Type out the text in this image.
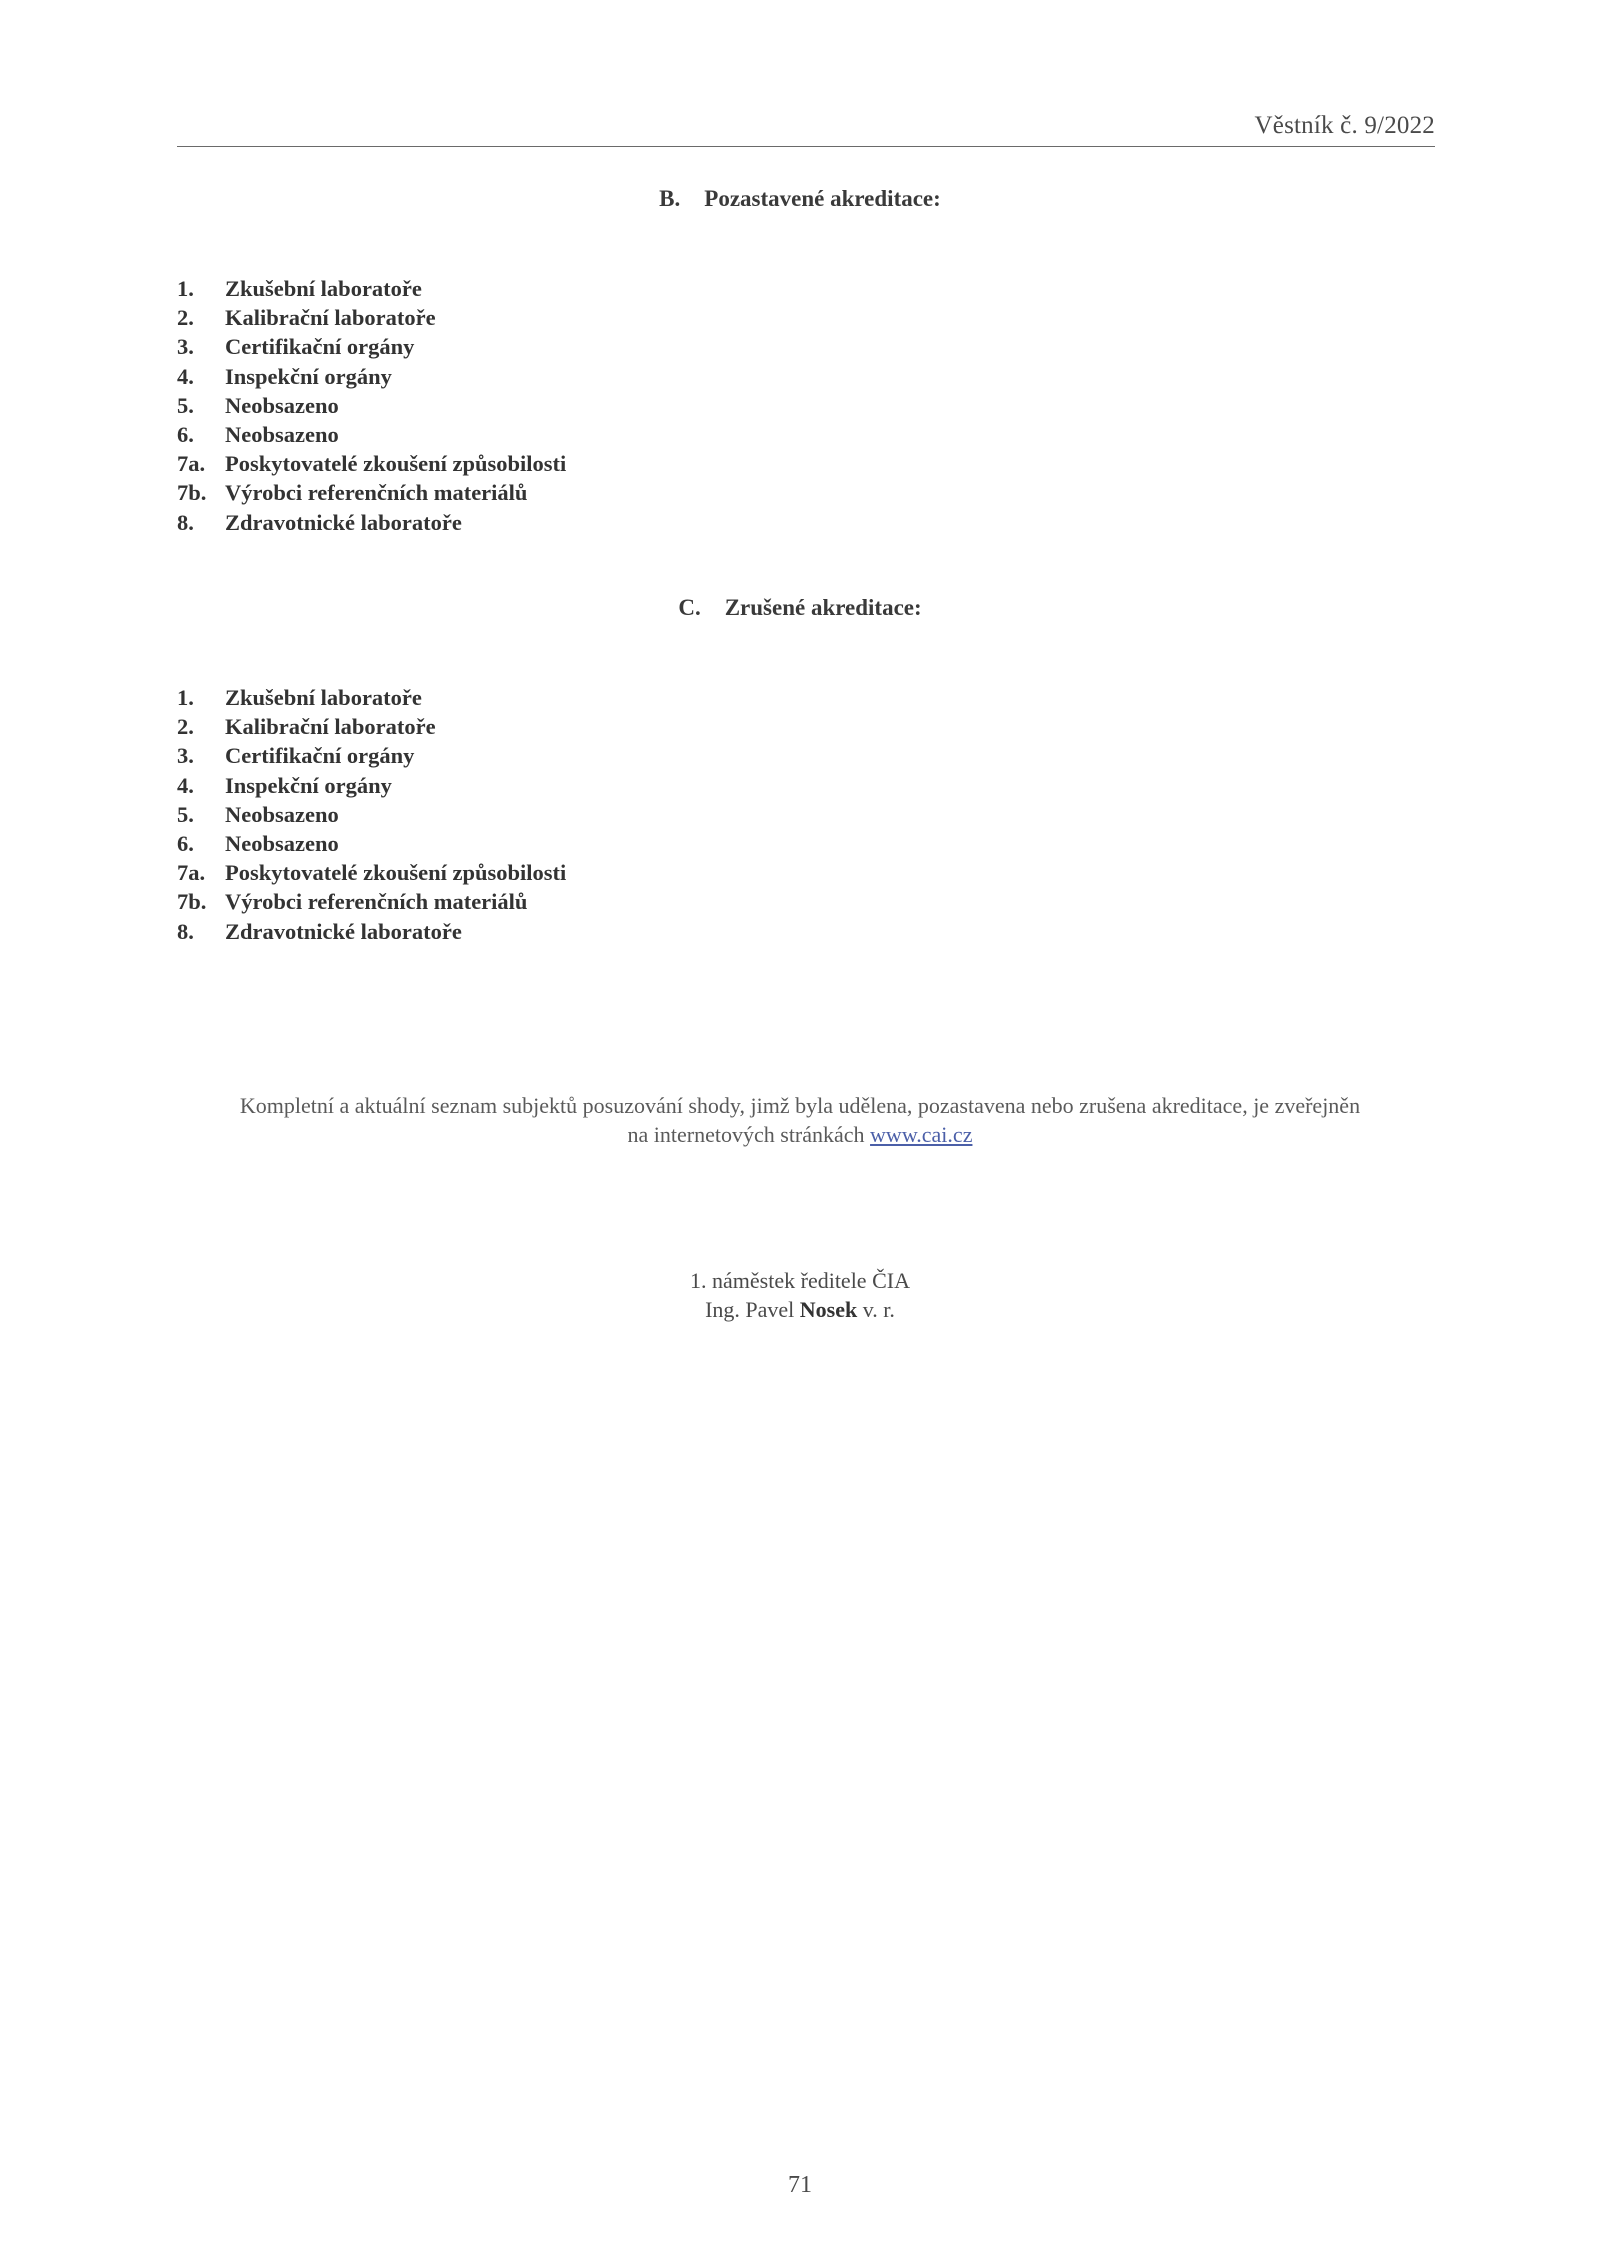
Věstník č. 9/2022
B. Pozastavené akreditace:
1. Zkušební laboratoře
2. Kalibrační laboratoře
3. Certifikační orgány
4. Inspekční orgány
5. Neobsazeno
6. Neobsazeno
7a. Poskytovatelé zkoušení způsobilosti
7b. Výrobci referenčních materiálů
8. Zdravotnické laboratoře
C. Zrušené akreditace:
1. Zkušební laboratoře
2. Kalibrační laboratoře
3. Certifikační orgány
4. Inspekční orgány
5. Neobsazeno
6. Neobsazeno
7a. Poskytovatelé zkoušení způsobilosti
7b. Výrobci referenčních materiálů
8. Zdravotnické laboratoře
Kompletní a aktuální seznam subjektů posuzování shody, jimž byla udělena, pozastavena nebo zrušena akreditace, je zveřejněn
na internetových stránkách www.cai.cz
1. náměstek ředitele ČIA
Ing. Pavel Nosek v. r.
71
